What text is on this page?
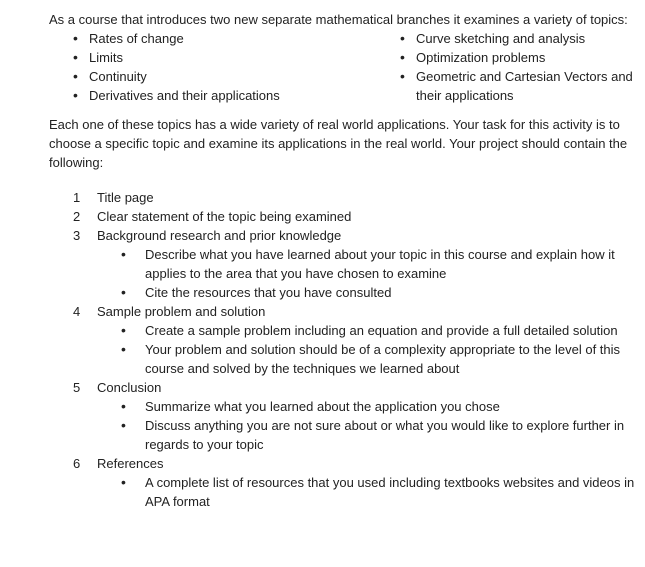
As a course that introduces two new separate mathematical branches it examines a variety of topics:

• Rates of change
• Limits
• Continuity
• Derivatives and their applications
• Curve sketching and analysis
• Optimization problems
• Geometric and Cartesian Vectors and their applications

Each one of these topics has a wide variety of real world applications. Your task for this activity is to choose a specific topic and examine its applications in the real world. Your project should contain the following:

1 Title page
2 Clear statement of the topic being examined
3 Background research and prior knowledge
• Describe what you have learned about your topic in this course and explain how it applies to the area that you have chosen to examine
• Cite the resources that you have consulted
4 Sample problem and solution
• Create a sample problem including an equation and provide a full detailed solution
• Your problem and solution should be of a complexity appropriate to the level of this course and solved by the techniques we learned about
5 Conclusion
• Summarize what you learned about the application you chose
• Discuss anything you are not sure about or what you would like to explore further in regards to your topic
6 References
• A complete list of resources that you used including textbooks websites and videos in APA format
